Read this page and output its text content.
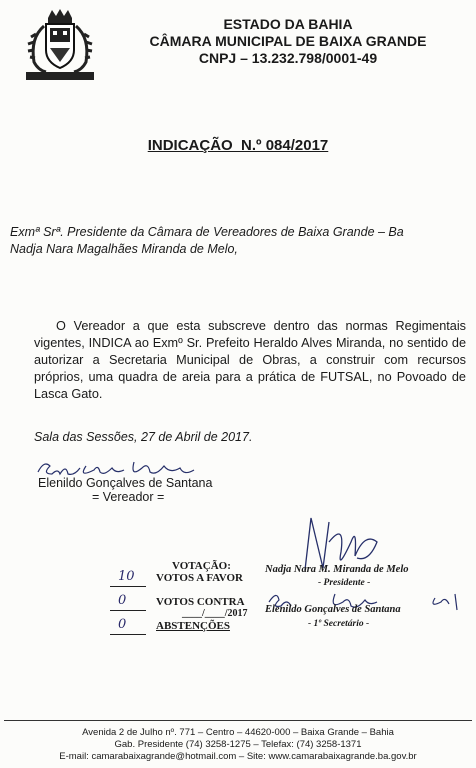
ESTADO DA BAHIA
CÂMARA MUNICIPAL DE BAIXA GRANDE
CNPJ – 13.232.798/0001-49
INDICAÇÃO  N.º 084/2017
Exmª Srª. Presidente da Câmara de Vereadores de Baixa Grande – Ba
Nadja Nara Magalhães Miranda de Melo,

O Vereador a que esta subscreve dentro das normas Regimentais vigentes, INDICA ao Exmº Sr. Prefeito Heraldo Alves Miranda, no sentido de autorizar a Secretaria Municipal de Obras, a construir com recursos próprios, uma quadra de areia para a prática de FUTSAL, no Povoado de Lasca Gato.

Sala das Sessões, 27 de Abril de 2017.
Elenildo Gonçalves de Santana
= Vereador =
VOTAÇÃO:
10 VOTOS A FAVOR
0	VOTOS CONTRA
____/____/2017
0	ABSTENÇÕES
Nadja Nara M. Miranda de Melo
- Presidente -
Elenildo Gonçalves de Santana
- 1º Secretário -
Avenida 2 de Julho nº. 771 – Centro – 44620-000 – Baixa Grande – Bahia
Gab. Presidente (74) 3258-1275 – Telefax: (74) 3258-1371
E-mail: camarabaixagrande@hotmail.com – Site: www.camarabaixagrande.ba.gov.br
